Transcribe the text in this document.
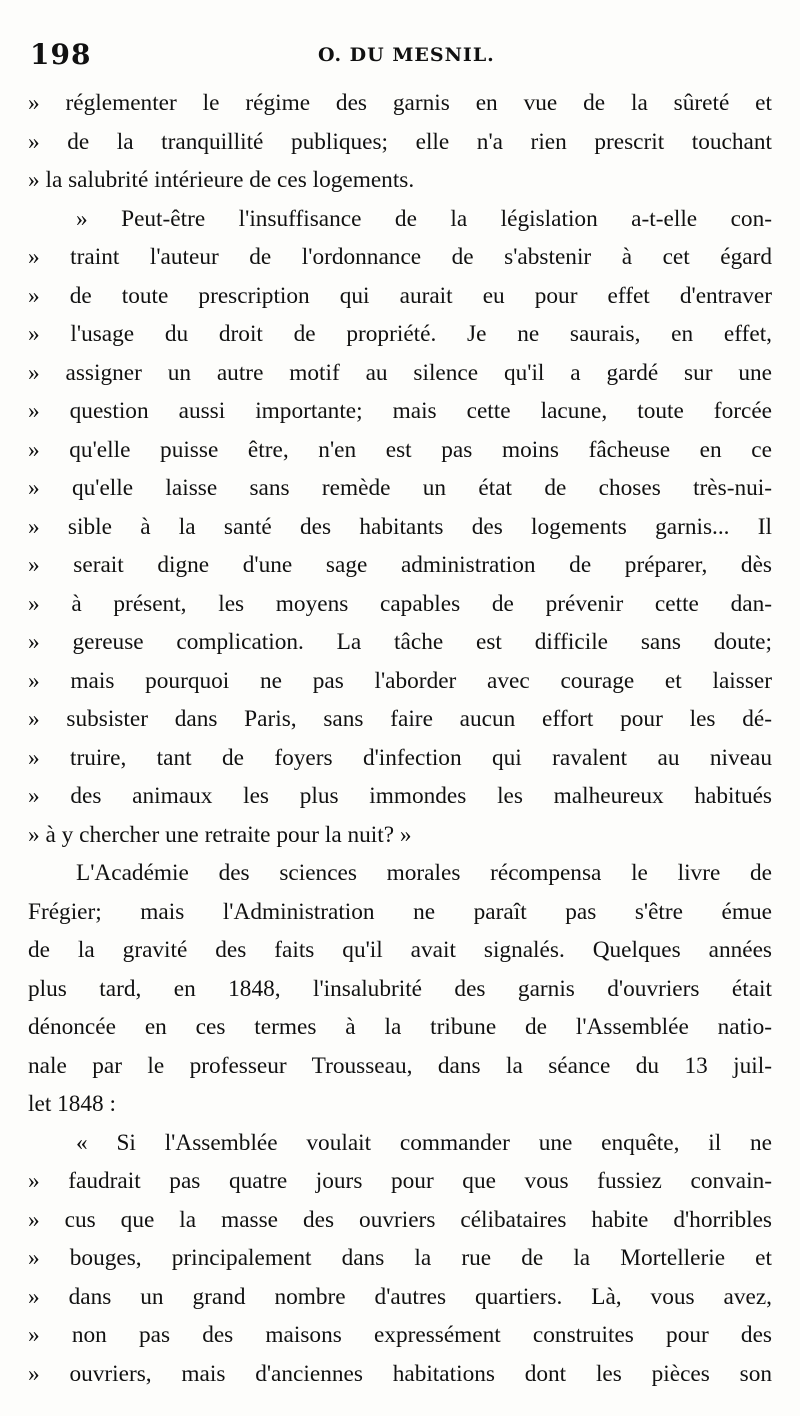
198	O. DU MESNIL.
» réglementer le régime des garnis en vue de la sûreté et
» de la tranquillité publiques; elle n'a rien prescrit touchant
» la salubrité intérieure de ces logements.
» Peut-être l'insuffisance de la législation a-t-elle con-
» traint l'auteur de l'ordonnance de s'abstenir à cet égard
» de toute prescription qui aurait eu pour effet d'entraver
» l'usage du droit de propriété. Je ne saurais, en effet,
» assigner un autre motif au silence qu'il a gardé sur une
» question aussi importante; mais cette lacune, toute forcée
» qu'elle puisse être, n'en est pas moins fâcheuse en ce
» qu'elle laisse sans remède un état de choses très-nui-
» sible à la santé des habitants des logements garnis... Il
» serait digne d'une sage administration de préparer, dès
» à présent, les moyens capables de prévenir cette dan-
» gereuse complication. La tâche est difficile sans doute;
» mais pourquoi ne pas l'aborder avec courage et laisser
» subsister dans Paris, sans faire aucun effort pour les dé-
» truire, tant de foyers d'infection qui ravalent au niveau
» des animaux les plus immondes les malheureux habitués
» à y chercher une retraite pour la nuit? »
L'Académie des sciences morales récompensa le livre de
Frégier; mais l'Administration ne paraît pas s'être émue
de la gravité des faits qu'il avait signalés. Quelques années
plus tard, en 1848, l'insalubrité des garnis d'ouvriers était
dénoncée en ces termes à la tribune de l'Assemblée natio-
nale par le professeur Trousseau, dans la séance du 13 juil-
let 1848 :
« Si l'Assemblée voulait commander une enquête, il ne
» faudrait pas quatre jours pour que vous fussiez convain-
» cus que la masse des ouvriers célibataires habite d'horribles
» bouges, principalement dans la rue de la Mortellerie et
» dans un grand nombre d'autres quartiers. Là, vous avez,
» non pas des maisons expressément construites pour des
» ouvriers, mais d'anciennes habitations dont les pièces son
